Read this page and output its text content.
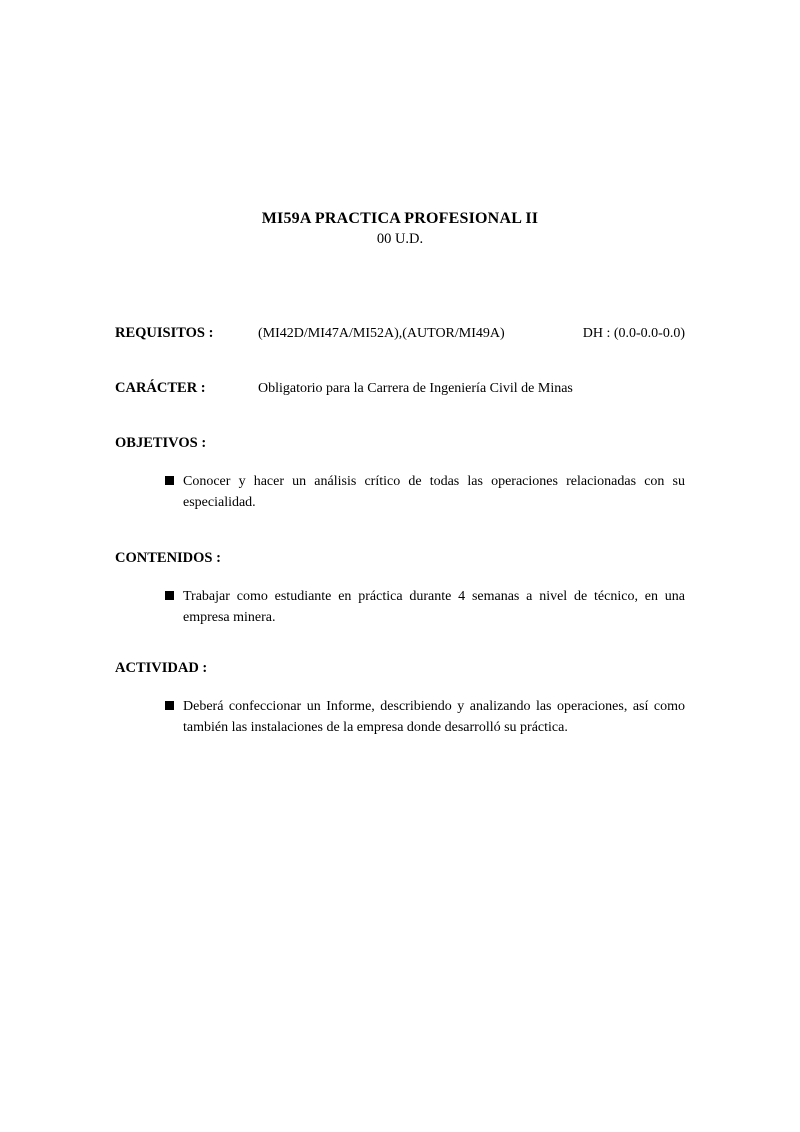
MI59A PRACTICA PROFESIONAL II
00 U.D.
REQUISITOS :	(MI42D/MI47A/MI52A),(AUTOR/MI49A)	DH : (0.0-0.0-0.0)
CARÁCTER :	Obligatorio para la Carrera de Ingeniería Civil de Minas
OBJETIVOS :
Conocer y hacer un análisis crítico de todas las operaciones relacionadas con su especialidad.
CONTENIDOS :
Trabajar como estudiante en práctica durante 4 semanas a nivel de técnico, en una empresa minera.
ACTIVIDAD :
Deberá confeccionar un Informe, describiendo y analizando las operaciones, así como también las instalaciones de la empresa donde desarrolló su práctica.
